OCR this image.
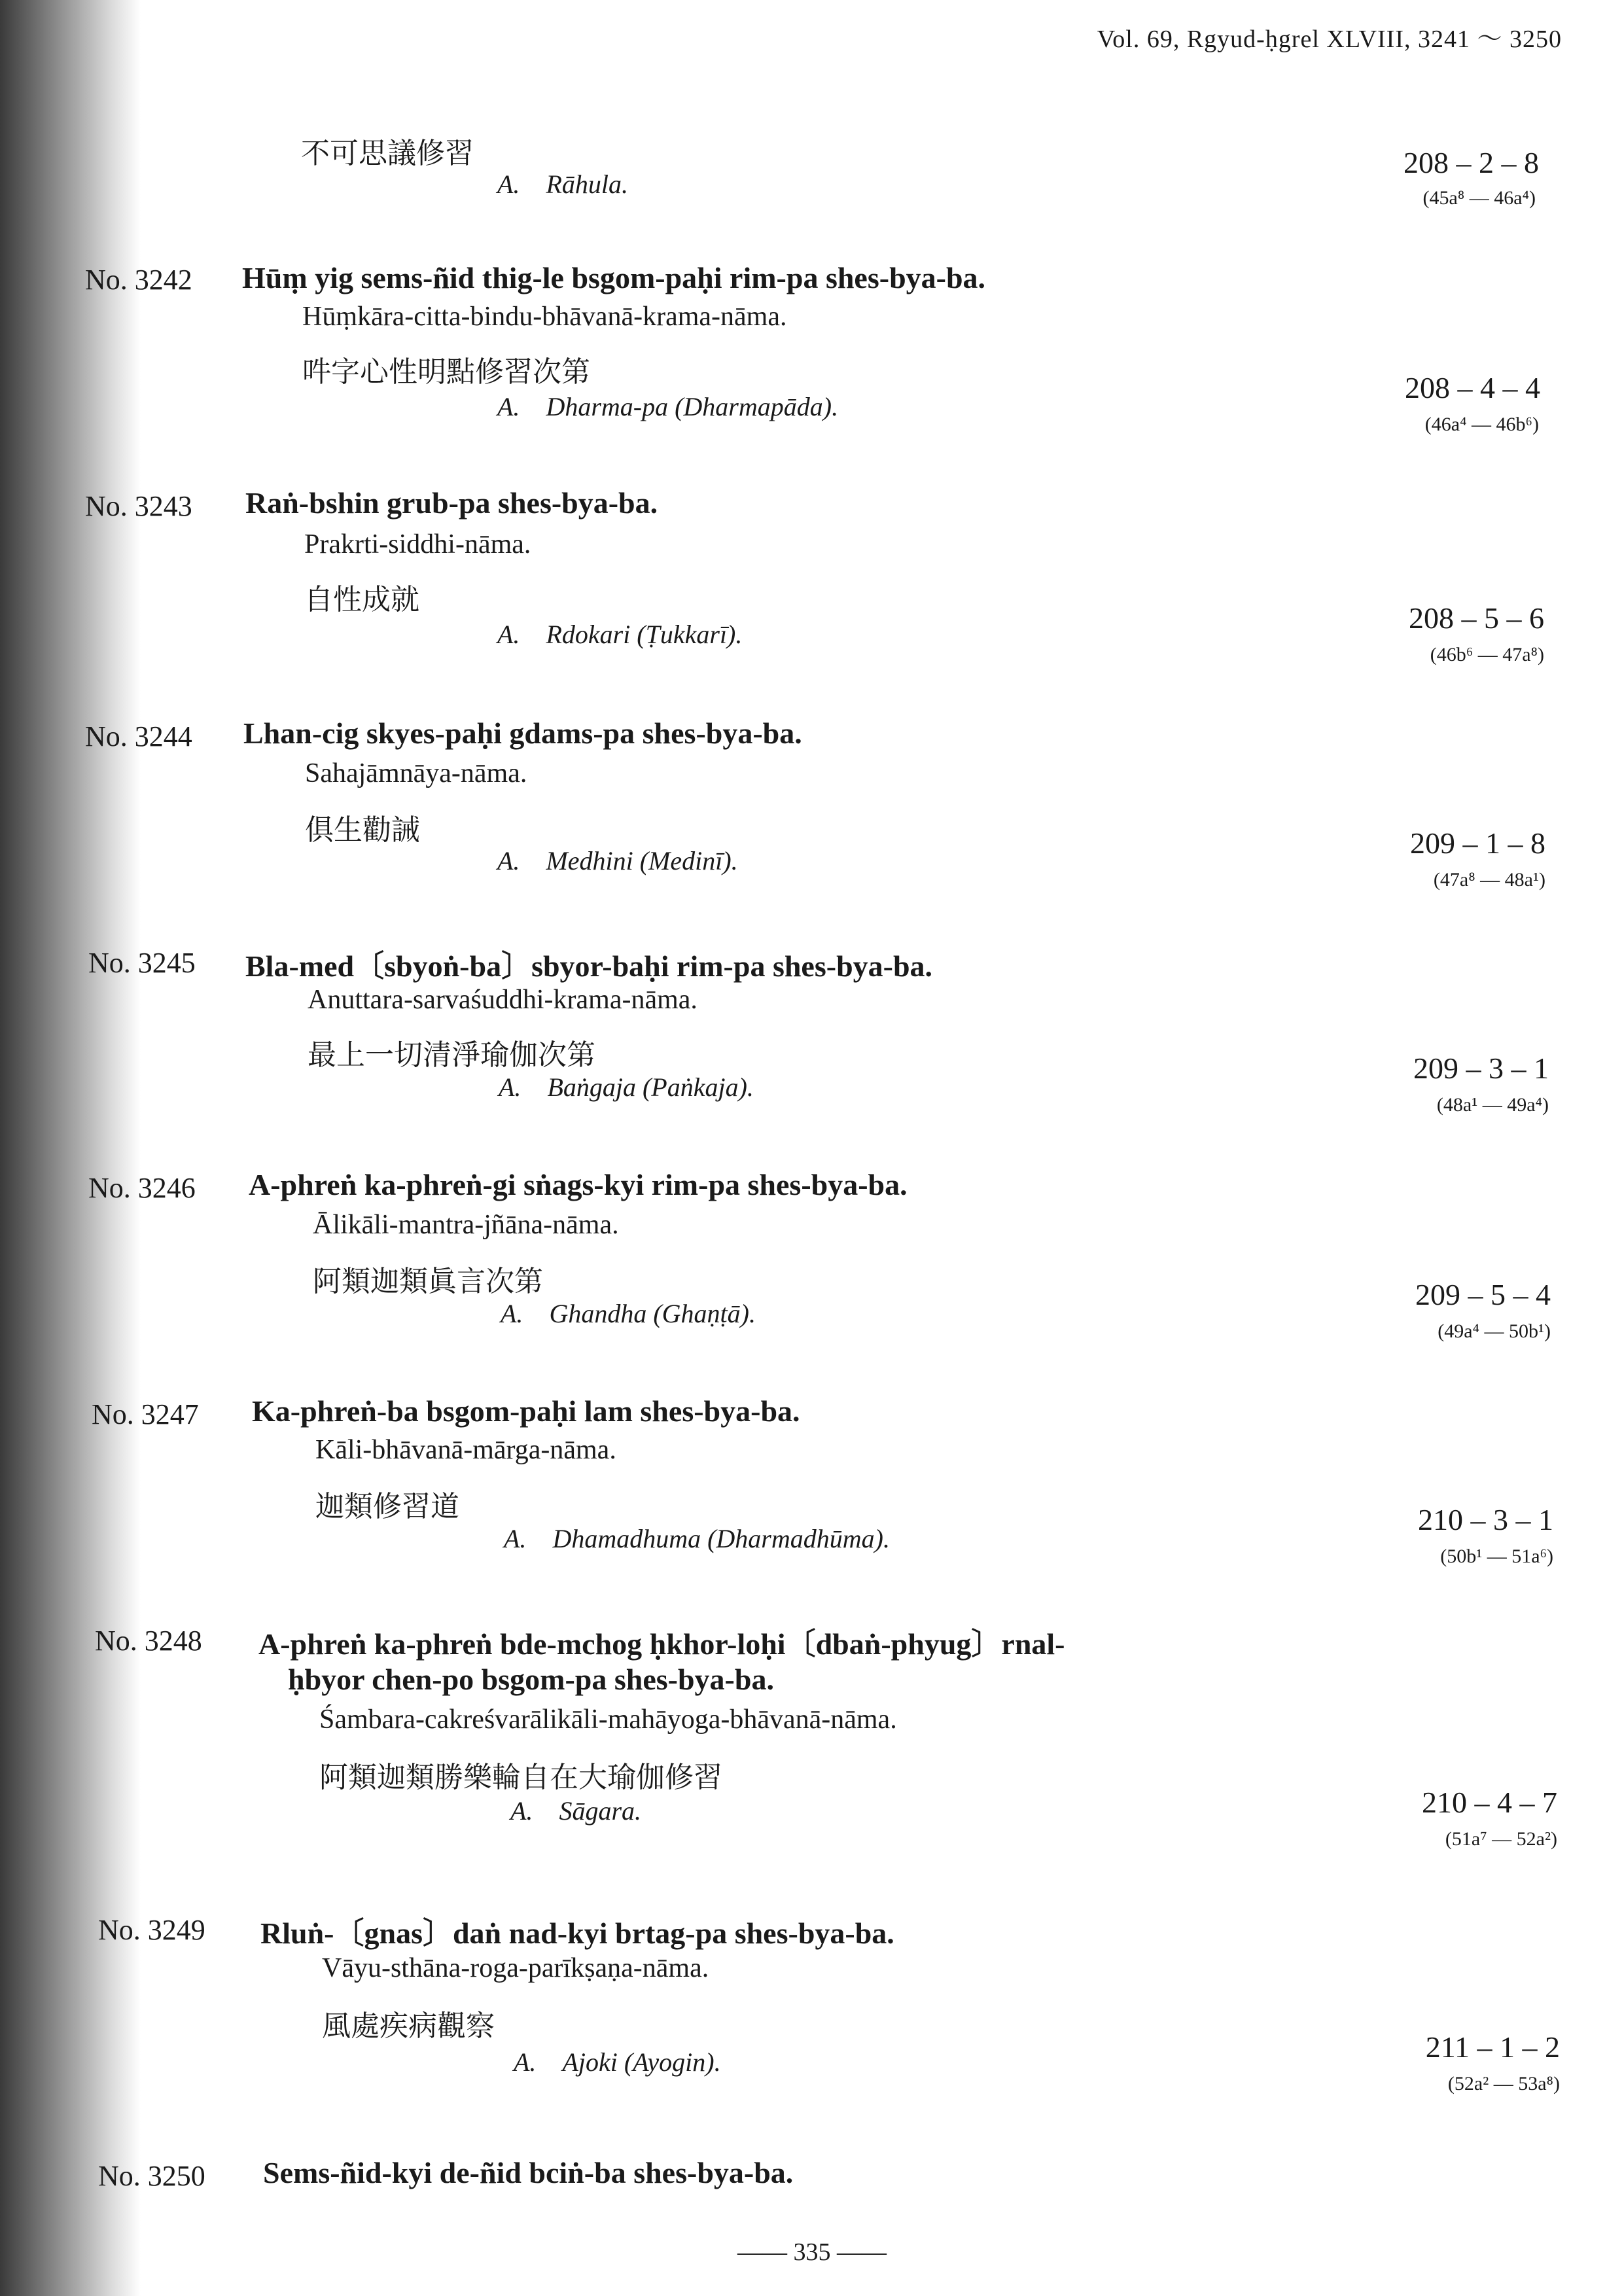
Vol. 69, Rgyud-ḥgrel XLVIII, 3241 ～ 3250
不可思議修習
A. Rāhula.
208 – 2 – 8
(45a⁸ — 46a⁴)
No. 3242 Hūṃ yig sems-ñid thig-le bsgom-paḥi rim-pa shes-bya-ba.
Hūṃkāra-citta-bindu-bhāvanā-krama-nāma.
吽字心性明點修習次第
A. Dharma-pa (Dharmapāda).
208 – 4 – 4
(46a⁴ — 46b⁶)
No. 3243 Raṅ-bshin grub-pa shes-bya-ba.
Prakrti-siddhi-nāma.
自性成就
A. Rdokari (Ṭukkarī).	208 – 5 – 6
(46b⁶ — 47a⁸)
No. 3244 Lhan-cig skyes-paḥi gdams-pa shes-bya-ba.
Sahajāmnāya-nāma.
俱生勸誡
A. Medhini (Medinī).
209 – 1 – 8
(47a⁸ — 48a¹)
No. 3245 Bla-med〔sbyoṅ-ba〕sbyor-baḥi rim-pa shes-bya-ba.
Anuttara-sarvaśuddhi-krama-nāma.
最上一切清淨瑜伽次第
A. Baṅgaja (Paṅkaja).
209 – 3 – 1
(48a¹ — 49a⁴)
No. 3246 A-phreṅ ka-phreṅ-gi sṅags-kyi rim-pa shes-bya-ba.
Ālikāli-mantra-jñāna-nāma.
阿類迦類眞言次第
A. Ghandha (Ghaṇṭā).
209 – 5 – 4
(49a⁴ — 50b¹)
No. 3247 Ka-phreṅ-ba bsgom-paḥi lam shes-bya-ba.
Kāli-bhāvanā-mārga-nāma.
迦類修習道
A. Dhamadhuma (Dharmadhūma).
210 – 3 – 1
(50b¹ — 51a⁶)
No. 3248 A-phreṅ ka-phreṅ bde-mchog ḥkhor-loḥi〔dbaṅ-phyug〕rnal-
ḥbyor chen-po bsgom-pa shes-bya-ba.
Śambara-cakreśvarālikāli-mahāyoga-bhāvanā-nāma.
阿類迦類勝樂輪自在大瑜伽修習
A. Sāgara.	210 – 4 – 7
(51a⁷ — 52a²)
No. 3249 Rluṅ-〔gnas〕daṅ nad-kyi brtag-pa shes-bya-ba.
Vāyu-sthāna-roga-parīkṣaṇa-nāma.
風處疾病觀察
A. Ajoki (Ayogin).	211 – 1 – 2
(52a² — 53a⁸)
No. 3250 Sems-ñid-kyi de-ñid bciṅ-ba shes-bya-ba.
—— 335 ——
